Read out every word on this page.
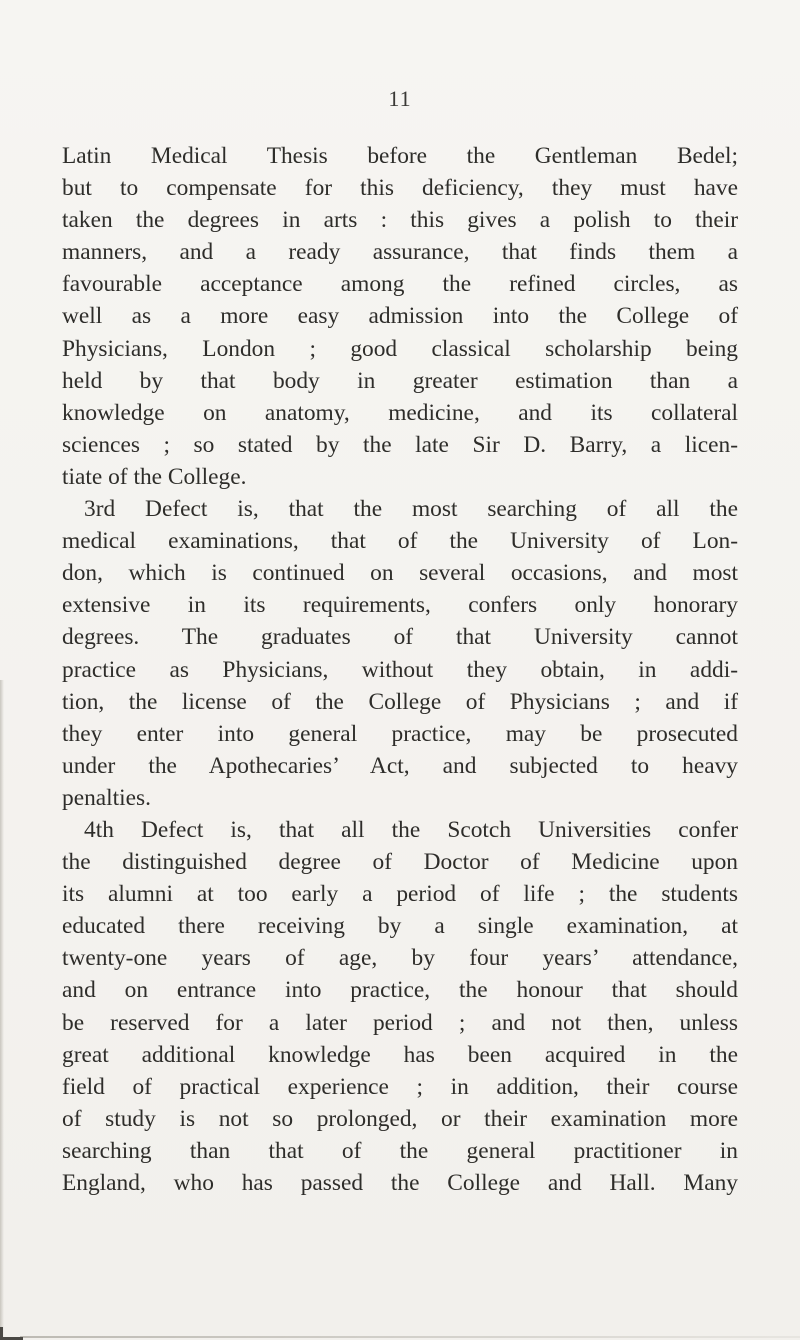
11
Latin Medical Thesis before the Gentleman Bedel;
but to compensate for this deficiency, they must have
taken the degrees in arts : this gives a polish to their
manners, and a ready assurance, that finds them a
favourable acceptance among the refined circles, as
well as a more easy admission into the College of
Physicians, London ; good classical scholarship being
held by that body in greater estimation than a
knowledge on anatomy, medicine, and its collateral
sciences ; so stated by the late Sir D. Barry, a licen-
tiate of the College.
3rd Defect is, that the most searching of all the
medical examinations, that of the University of Lon-
don, which is continued on several occasions, and most
extensive in its requirements, confers only honorary
degrees. The graduates of that University cannot
practice as Physicians, without they obtain, in addi-
tion, the license of the College of Physicians ; and if
they enter into general practice, may be prosecuted
under the Apothecaries’ Act, and subjected to heavy
penalties.
4th Defect is, that all the Scotch Universities confer
the distinguished degree of Doctor of Medicine upon
its alumni at too early a period of life ; the students
educated there receiving by a single examination, at
twenty-one years of age, by four years’ attendance,
and on entrance into practice, the honour that should
be reserved for a later period ; and not then, unless
great additional knowledge has been acquired in the
field of practical experience ; in addition, their course
of study is not so prolonged, or their examination more
searching than that of the general practitioner in
England, who has passed the College and Hall. Many
